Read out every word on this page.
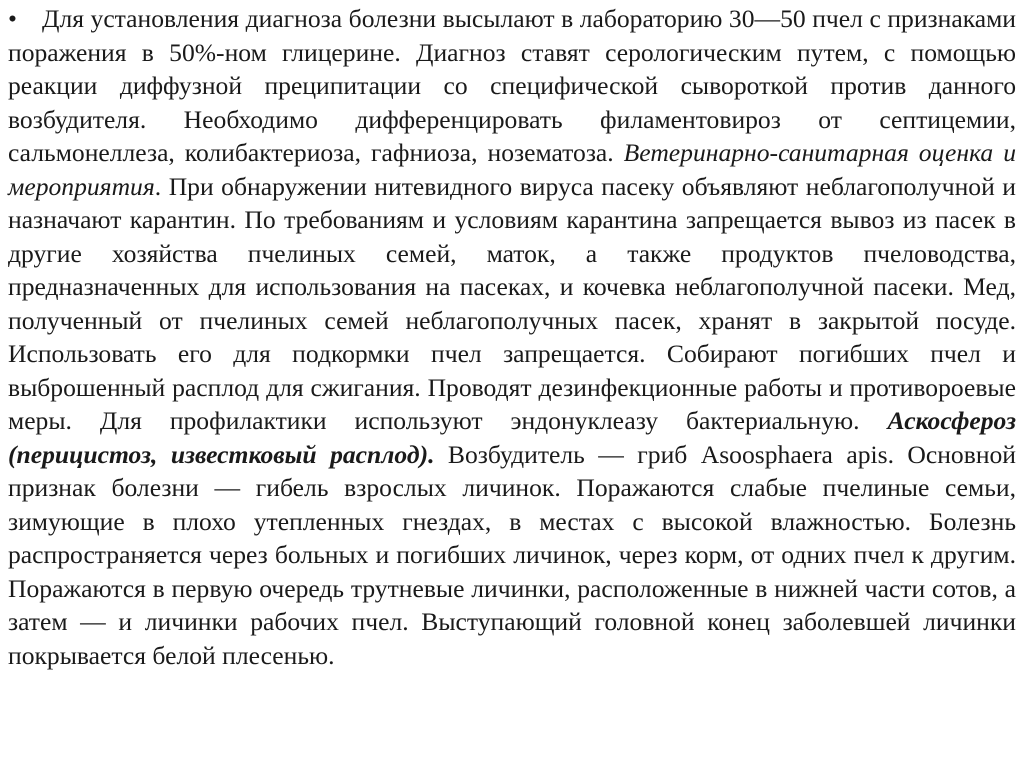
• Для установления диагноза болезни высылают в лабораторию 30—50 пчел с признаками поражения в 50%-ном глицерине. Диагноз ставят серологическим путем, с помощью реакции диффузной преципитации со специфической сывороткой против данного возбудителя. Необходимо дифференцировать филаментовироз от септицемии, сальмонеллеза, колибактериоза, гафниоза, нозематоза. Ветеринарно-санитарная оценка и мероприятия. При обнаружении нитевидного вируса пасеку объявляют неблагополучной и назначают карантин. По требованиям и условиям карантина запрещается вывоз из пасек в другие хозяйства пчелиных семей, маток, а также продуктов пчеловодства, предназначенных для использования на пасеках, и кочевка неблагополучной пасеки. Мед, полученный от пчелиных семей неблагополучных пасек, хранят в закрытой посуде. Использовать его для подкормки пчел запрещается. Собирают погибших пчел и выброшенный расплод для сжигания. Проводят дезинфекционные работы и противороевые меры. Для профилактики используют эндонуклеазу бактериальную. Аскосфероз (перицистоз, известковый расплод). Возбудитель — гриб Asoosphaera apis. Основной признак болезни — гибель взрослых личинок. Поражаются слабые пчелиные семьи, зимующие в плохо утепленных гнездах, в местах с высокой влажностью. Болезнь распространяется через больных и погибших личинок, через корм, от одних пчел к другим. Поражаются в первую очередь трутневые личинки, расположенные в нижней части сотов, а затем — и личинки рабочих пчел. Выступающий головной конец заболевшей личинки покрывается белой плесенью.
